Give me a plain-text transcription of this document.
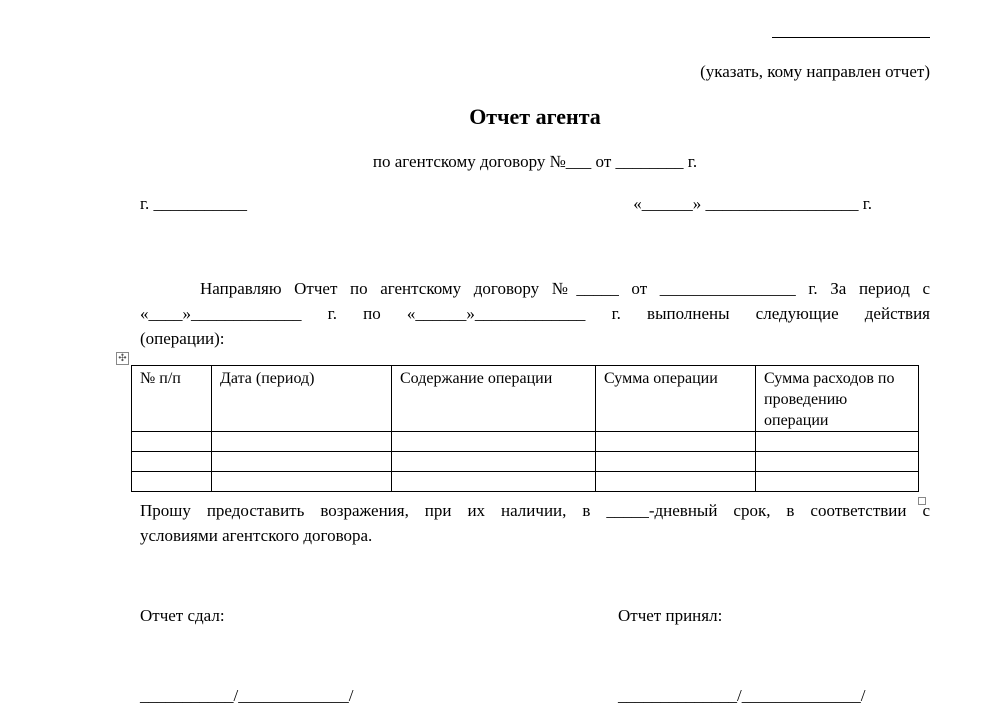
(указать, кому направлен отчет)
Отчет агента
по агентскому договору №___ от ________ г.
г. ___________	«______» __________________ г.
Направляю Отчет по агентскому договору №_____ от ________________ г. За период с
«____»_____________ г. по «______»_____________ г. выполнены следующие действия
(операции):
✣
№ п/п	Дата (период)	Содержание операции	Сумма операции	Сумма расходов по проведению операции

Прошу предоставить возражения, при их наличии, в _____-дневный срок, в соответствии с
условиями агентского договора.
Отчет сдал:	Отчет принял:
___________/_____________/	______________/______________/
